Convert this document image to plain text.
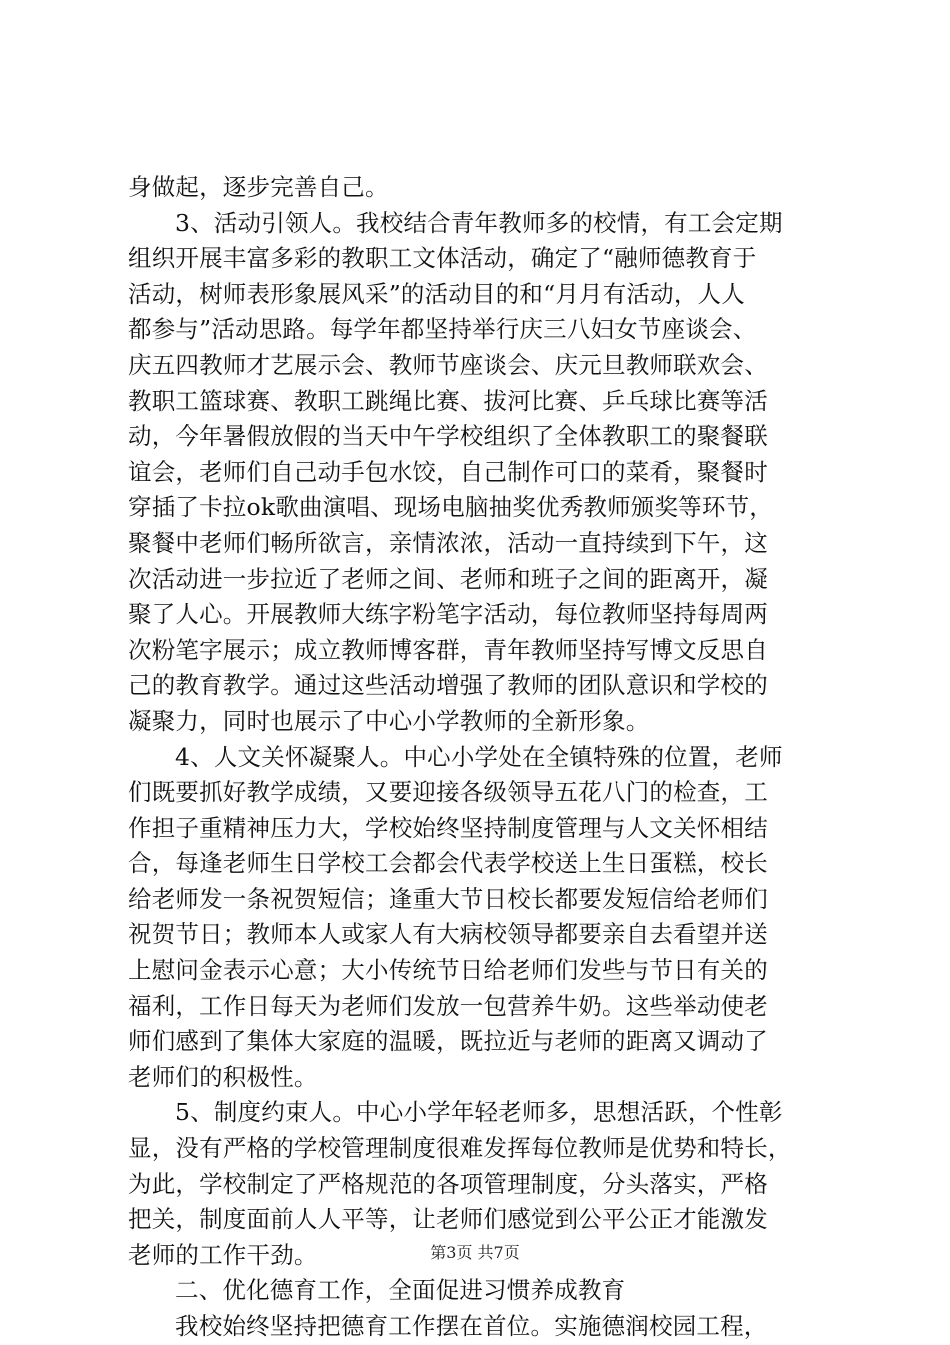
身做起，逐步完善自己。
3、活动引领人。我校结合青年教师多的校情，有工会定期
组织开展丰富多彩的教职工文体活动，确定了“融师德教育于
活动，树师表形象展风采”的活动目的和“月月有活动，人人
都参与”活动思路。每学年都坚持举行庆三八妇女节座谈会、
庆五四教师才艺展示会、教师节座谈会、庆元旦教师联欢会、
教职工篮球赛、教职工跳绳比赛、拔河比赛、乒乓球比赛等活
动，今年暑假放假的当天中午学校组织了全体教职工的聚餐联
谊会，老师们自己动手包水饺，自己制作可口的菜肴，聚餐时
穿插了卡拉ok歌曲演唱、现场电脑抽奖优秀教师颁奖等环节，
聚餐中老师们畅所欲言，亲情浓浓，活动一直持续到下午，这
次活动进一步拉近了老师之间、老师和班子之间的距离开，凝
聚了人心。开展教师大练字粉笔字活动，每位教师坚持每周两
次粉笔字展示；成立教师博客群，青年教师坚持写博文反思自
己的教育教学。通过这些活动增强了教师的团队意识和学校的
凝聚力，同时也展示了中心小学教师的全新形象。
4、人文关怀凝聚人。中心小学处在全镇特殊的位置，老师
们既要抓好教学成绩，又要迎接各级领导五花八门的检查，工
作担子重精神压力大，学校始终坚持制度管理与人文关怀相结
合，每逢老师生日学校工会都会代表学校送上生日蛋糕，校长
给老师发一条祝贺短信；逢重大节日校长都要发短信给老师们
祝贺节日；教师本人或家人有大病校领导都要亲自去看望并送
上慰问金表示心意；大小传统节日给老师们发些与节日有关的
福利，工作日每天为老师们发放一包营养牛奶。这些举动使老
师们感到了集体大家庭的温暖，既拉近与老师的距离又调动了
老师们的积极性。
5、制度约束人。中心小学年轻老师多，思想活跃，个性彰
显，没有严格的学校管理制度很难发挥每位教师是优势和特长，
为此，学校制定了严格规范的各项管理制度，分头落实，严格
把关，制度面前人人平等，让老师们感觉到公平公正才能激发
老师的工作干劲。
二、优化德育工作，全面促进习惯养成教育
我校始终坚持把德育工作摆在首位。实施德润校园工程，
第3页 共7页
